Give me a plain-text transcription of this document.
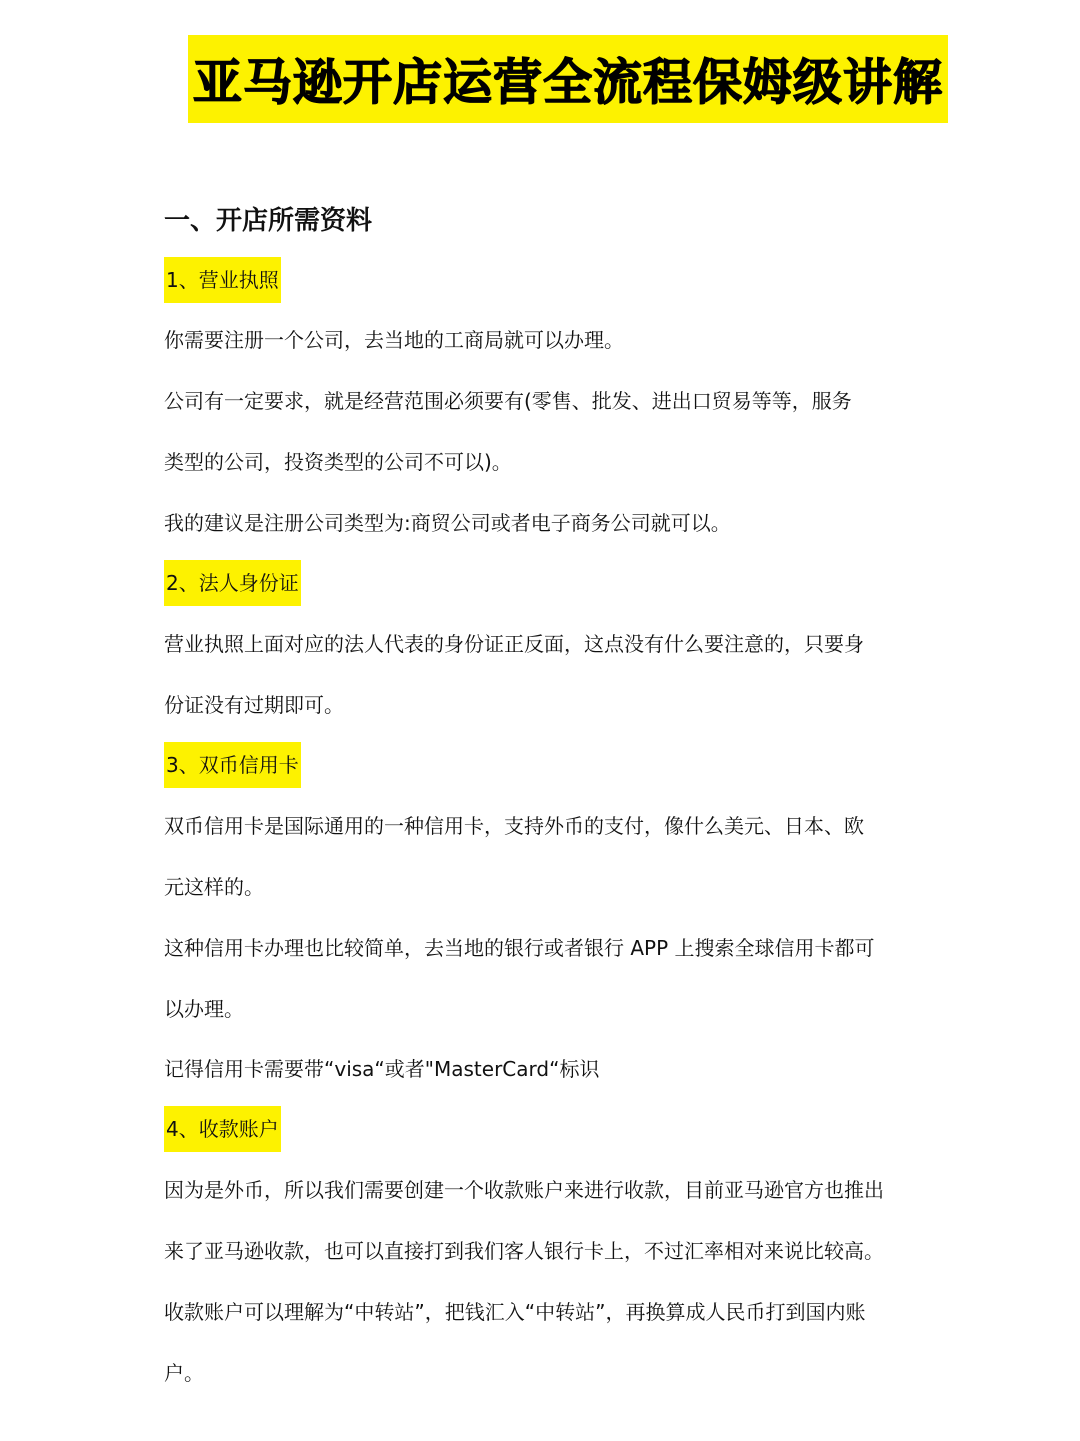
亚马逊开店运营全流程保姆级讲解
一、开店所需资料
1、营业执照
你需要注册一个公司，去当地的工商局就可以办理。
公司有一定要求，就是经营范围必须要有(零售、批发、进出口贸易等等，服务
类型的公司，投资类型的公司不可以)。
我的建议是注册公司类型为:商贸公司或者电子商务公司就可以。
2、法人身份证
营业执照上面对应的法人代表的身份证正反面，这点没有什么要注意的，只要身
份证没有过期即可。
3、双币信用卡
双币信用卡是国际通用的一种信用卡，支持外币的支付，像什么美元、日本、欧
元这样的。
这种信用卡办理也比较简单，去当地的银行或者银行 APP 上搜索全球信用卡都可
以办理。
记得信用卡需要带“visa“或者"MasterCard“标识
4、收款账户
因为是外币，所以我们需要创建一个收款账户来进行收款，目前亚马逊官方也推出
来了亚马逊收款，也可以直接打到我们客人银行卡上，不过汇率相对来说比较高。
收款账户可以理解为“中转站”，把钱汇入“中转站”，再换算成人民币打到国内账
户。
